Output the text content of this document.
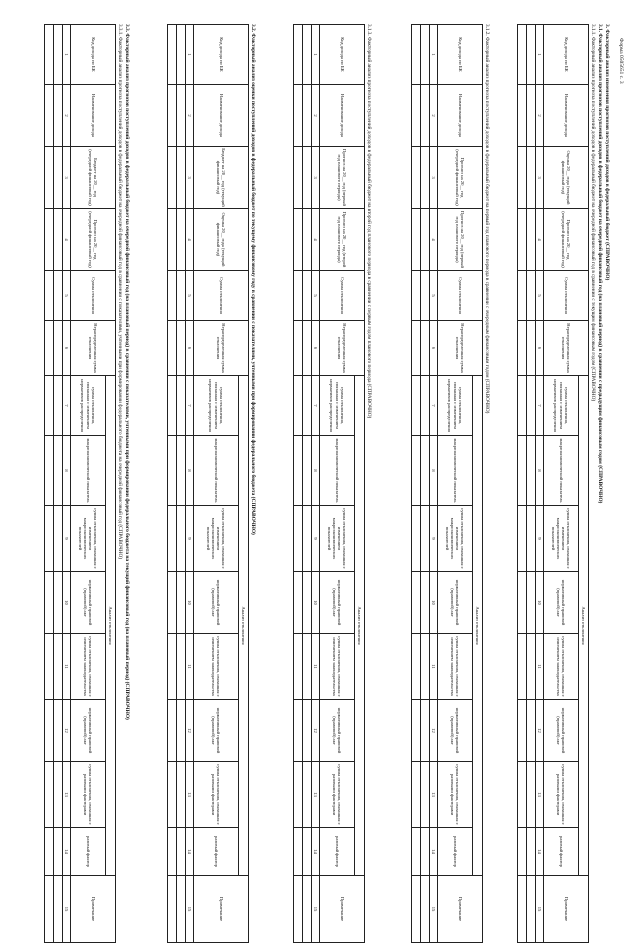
Форма 0505651 с. 3
3. Факторный анализ изменения прогнозов поступлений доходов в федеральный бюджет (СПРАВОЧНО)
3.1. Факторный анализ прогнозов поступлений доходов в федеральный бюджет на очередной финансовый год (на плановый период) в сравнении с предыдущим финансовым годом (СПРАВОЧНО)
3.1.1. Факторный анализ прогноза поступлений доходов в федеральный бюджет на очередной финансовый год в сравнении с текущим финансовым годом (СПРАВОЧНО)
Код дохода по БК	Наименование дохода	Оценка 20__ года (текущий финансовый год)	Прогноз на 20__ год (очередной финансовый год)	Сумма отклонения	Нераспределенная сумма отклонения	Анализ отклонения								Примечание
						сумма отклонения, связанная с изменением нормативов распределения	макроэкономический показатель	сумма отклонения, связанная с изменением макроэкономических показателей	нормативный правовой (правовой) акт	сумма отклонения, связанная с изменением законодательства	нормативный правовой (правовой) акт	сумма отклонения, связанная с разовыми факторами	разовый фактор	
1	2	3	4	5	6	7	8	9	10	11	12	13	14	15

3.1.2. Факторный анализ прогноза поступлений доходов в федеральный бюджет на первый год планового периода в сравнении с очередным финансовым годом (СПРАВОЧНО)
Код дохода по БК	Наименование дохода	Прогноз на 20__ год (очередной финансовый год)	Прогноз на 20__ год (первый год планового периода)	Сумма отклонения	Нераспределенная сумма отклонения	Анализ отклонения								Примечание
						сумма отклонения, связанная с изменением нормативов распределения	макроэкономический показатель	сумма отклонения, связанная с изменением макроэкономических показателей	нормативный правовой (правовой) акт	сумма отклонения, связанная с изменением законодательства	нормативный правовой (правовой) акт	сумма отклонения, связанная с разовыми факторами	разовый фактор	
1	2	3	4	5	6	7	8	9	10	11	12	13	14	15

3.1.3. Факторный анализ прогноза поступлений доходов в федеральный бюджет на второй год планового периода в сравнении с первым годом планового периода (СПРАВОЧНО)
Код дохода по БК	Наименование дохода	Прогноз на 20__ год (первый год планового периода)	Прогноз на 20__ год (второй год планового периода)	Сумма отклонения	Нераспределенная сумма отклонения	Анализ отклонения								Примечание
						сумма отклонения, связанная с изменением нормативов распределения	макроэкономический показатель	сумма отклонения, связанная с изменением макроэкономических показателей	нормативный правовой (правовой) акт	сумма отклонения, связанная с изменением законодательства	нормативный правовой (правовой) акт	сумма отклонения, связанная с разовыми факторами	разовый фактор	
1	2	3	4	5	6	7	8	9	10	11	12	13	14	15

3.2. Факторный анализ оценки поступлений доходов в федеральный бюджет по текущему финансовому году в сравнении с показателями, учтенными при формировании федерального бюджета (СПРАВОЧНО)
Код дохода по БК	Наименование дохода	Бюджет на 20__ год (текущий финансовый год)	Оценка 20__ года (текущий финансовый год)	Сумма отклонения	Нераспределенная сумма отклонения	Анализ отклонения								Примечание
						сумма отклонения, связанная с изменением нормативов распределения	макроэкономический показатель	сумма отклонения, связанная с изменением макроэкономических показателей	нормативный правовой (правовой) акт	сумма отклонения, связанная с изменением законодательства	нормативный правовой (правовой) акт	сумма отклонения, связанная с разовыми факторами	разовый фактор	
1	2	3	4	5	6	7	8	9	10	11	12	13	14	15

3.3. Факторный анализ прогнозов поступлений доходов в федеральный бюджет на очередной финансовый год (на плановый период) в сравнении с показателями, учтенными при формировании федерального бюджета на текущий финансовый год (на плановый период) (СПРАВОЧНО)
3.3.1. Факторный анализ прогноза поступлений доходов в федеральный бюджет на очередной финансовый год в сравнении с показателями, учтенными при формировании федерального бюджета на очередной финансовый год (СПРАВОЧНО)
Код дохода по БК	Наименование дохода	Бюджет на 20__ год (очередной финансовый год)	Прогноз на 20__ год (очередной финансовый год)	Сумма отклонения	Нераспределенная сумма отклонения	Анализ отклонения								Примечание
						сумма отклонения, связанная с изменением нормативов распределения	макроэкономический показатель	сумма отклонения, связанная с изменением макроэкономических показателей	нормативный правовой (правовой) акт	сумма отклонения, связанная с изменением законодательства	нормативный правовой (правовой) акт	сумма отклонения, связанная с разовыми факторами	разовый фактор	
1	2	3	4	5	6	7	8	9	10	11	12	13	14	15
